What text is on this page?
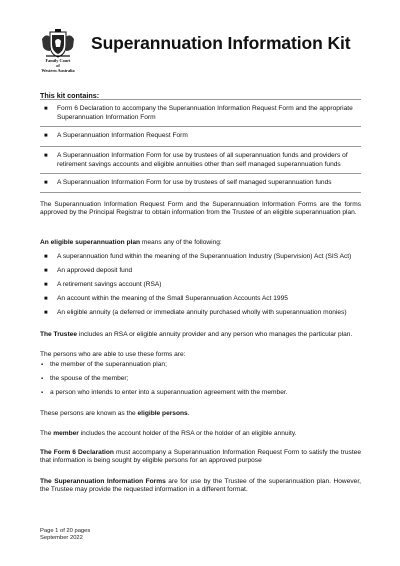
Family Court
of
Western Australia
Superannuation Information Kit
This kit contains:
■ Form 6 Declaration to accompany the Superannuation Information Request Form and the appropriate Superannuation Information Form
■ A Superannuation Information Request Form
■ A Superannuation Information Form for use by trustees of all superannuation funds and providers of retirement savings accounts and eligible annuities other than self managed superannuation funds
■ A Superannuation Information Form for use by trustees of self managed superannuation funds
The Superannuation Information Request Form and the Superannuation Information Forms are the forms approved by the Principal Registrar to obtain information from the Trustee of an eligible superannuation plan.
An eligible superannuation plan means any of the following:
■ A superannuation fund within the meaning of the Superannuation Industry (Supervision) Act (SIS Act)
■ An approved deposit fund
■ A retirement savings account (RSA)
■ An account within the meaning of the Small Superannuation Accounts Act 1995
■ An eligible annuity (a deferred or immediate annuity purchased wholly with superannuation monies)
The Trustee includes an RSA or eligible annuity provider and any person who manages the particular plan.
The persons who are able to use these forms are:
▪ the member of the superannuation plan;
▪ the spouse of the member;
▪ a person who intends to enter into a superannuation agreement with the member.
These persons are known as the eligible persons.
The member includes the account holder of the RSA or the holder of an eligible annuity.
The Form 6 Declaration must accompany a Superannuation Information Request Form to satisfy the trustee that information is being sought by eligible persons for an approved purpose
The Superannuation Information Forms are for use by the Trustee of the superannuation plan. However, the Trustee may provide the requested information in a different format.
Page 1 of 20 pages
September 2022
